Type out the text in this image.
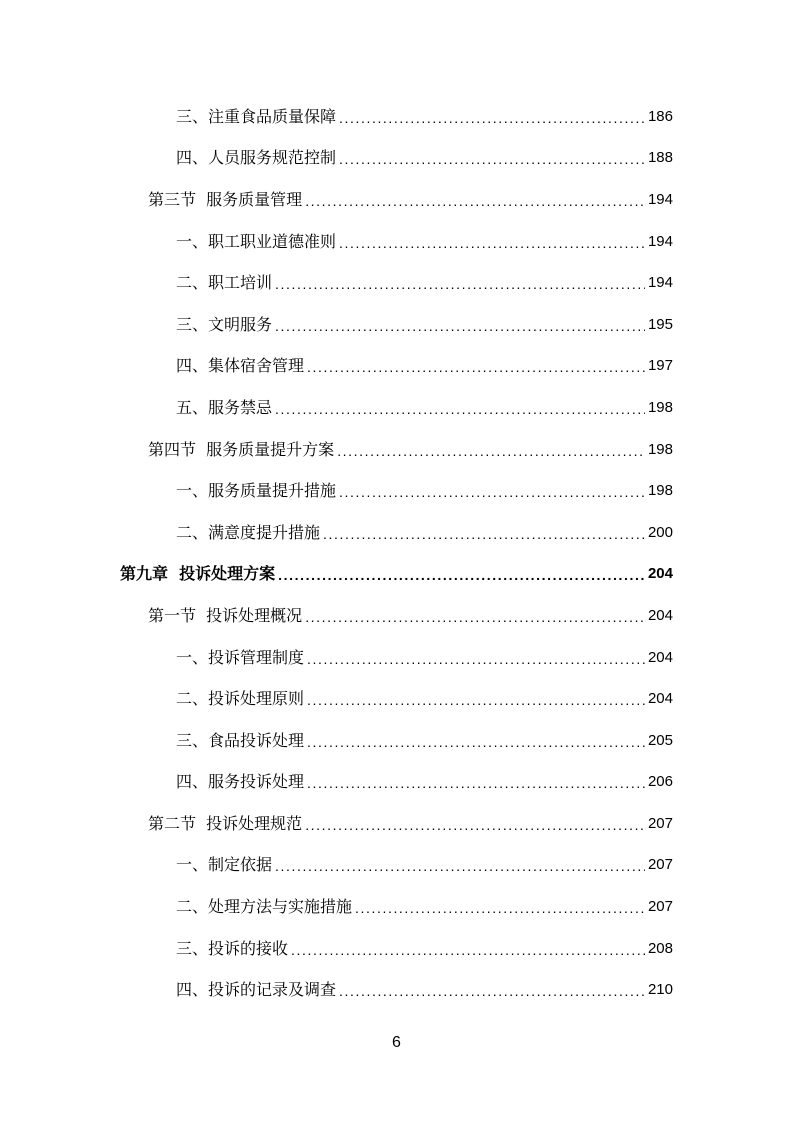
三、注重食品质量保障 .....	186
四、人员服务规范控制 .....	188
第三节  服务质量管理 .....	194
一、职工职业道德准则 .....	194
二、职工培训 .....	194
三、文明服务 .....	195
四、集体宿舍管理 .....	197
五、服务禁忌 .....	198
第四节  服务质量提升方案 .....	198
一、服务质量提升措施 .....	198
二、满意度提升措施 .....	200
第九章  投诉处理方案 .....	204
第一节  投诉处理概况 .....	204
一、投诉管理制度 .....	204
二、投诉处理原则 .....	204
三、食品投诉处理 .....	205
四、服务投诉处理 .....	206
第二节  投诉处理规范 .....	207
一、制定依据 .....	207
二、处理方法与实施措施 .....	207
三、投诉的接收 .....	208
四、投诉的记录及调查 .....	210
6
